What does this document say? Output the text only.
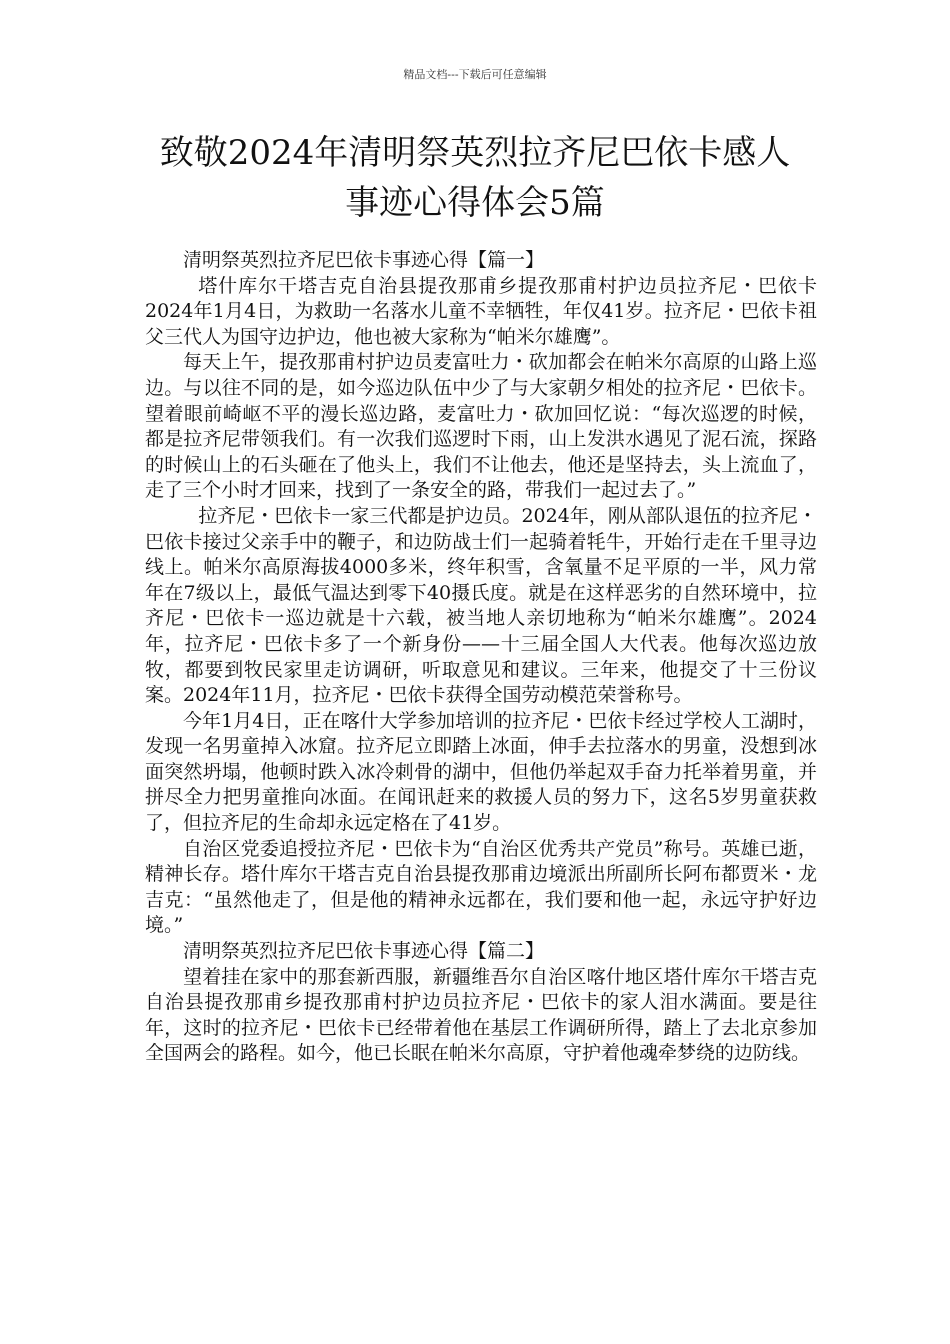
精品文档---下载后可任意编辑
致敬2024年清明祭英烈拉齐尼巴依卡感人
事迹心得体会5篇

清明祭英烈拉齐尼巴依卡事迹心得【篇一】

塔什库尔干塔吉克自治县提孜那甫乡提孜那甫村护边员拉齐尼・巴依卡2024年1月4日，为救助一名落水儿童不幸牺牲，年仅41岁。拉齐尼・巴依卡祖父三代人为国守边护边，他也被大家称为“帕米尔雄鹰”。

每天上午，提孜那甫村护边员麦富吐力・砍加都会在帕米尔高原的山路上巡边。与以往不同的是，如今巡边队伍中少了与大家朝夕相处的拉齐尼・巴依卡。望着眼前崎岖不平的漫长巡边路，麦富吐力・砍加回忆说：“每次巡逻的时候，都是拉齐尼带领我们。有一次我们巡逻时下雨，山上发洪水遇见了泥石流，探路的时候山上的石头砸在了他头上，我们不让他去，他还是坚持去，头上流血了，走了三个小时才回来，找到了一条安全的路，带我们一起过去了。”

拉齐尼・巴依卡一家三代都是护边员。2024年，刚从部队退伍的拉齐尼・巴依卡接过父亲手中的鞭子，和边防战士们一起骑着牦牛，开始行走在千里寻边线上。帕米尔高原海拔4000多米，终年积雪，含氧量不足平原的一半，风力常年在7级以上，最低气温达到零下40摄氏度。就是在这样恶劣的自然环境中，拉齐尼・巴依卡一巡边就是十六载，被当地人亲切地称为“帕米尔雄鹰”。2024年，拉齐尼・巴依卡多了一个新身份——十三届全国人大代表。他每次巡边放牧，都要到牧民家里走访调研，听取意见和建议。三年来，他提交了十三份议案。2024年11月，拉齐尼・巴依卡获得全国劳动模范荣誉称号。

今年1月4日，正在喀什大学参加培训的拉齐尼・巴依卡经过学校人工湖时，发现一名男童掉入冰窟。拉齐尼立即踏上冰面，伸手去拉落水的男童，没想到冰面突然坍塌，他顿时跌入冰冷刺骨的湖中，但他仍举起双手奋力托举着男童，并拼尽全力把男童推向冰面。在闻讯赶来的救援人员的努力下，这名5岁男童获救了，但拉齐尼的生命却永远定格在了41岁。

自治区党委追授拉齐尼・巴依卡为“自治区优秀共产党员”称号。英雄已逝，精神长存。塔什库尔干塔吉克自治县提孜那甫边境派出所副所长阿布都贾米・龙吉克：“虽然他走了，但是他的精神永远都在，我们要和他一起，永远守护好边境。”

清明祭英烈拉齐尼巴依卡事迹心得【篇二】

望着挂在家中的那套新西服，新疆维吾尔自治区喀什地区塔什库尔干塔吉克自治县提孜那甫乡提孜那甫村护边员拉齐尼・巴依卡的家人泪水满面。要是往年，这时的拉齐尼・巴依卡已经带着他在基层工作调研所得，踏上了去北京参加全国两会的路程。如今，他已长眠在帕米尔高原，守护着他魂牵梦绕的边防线。
